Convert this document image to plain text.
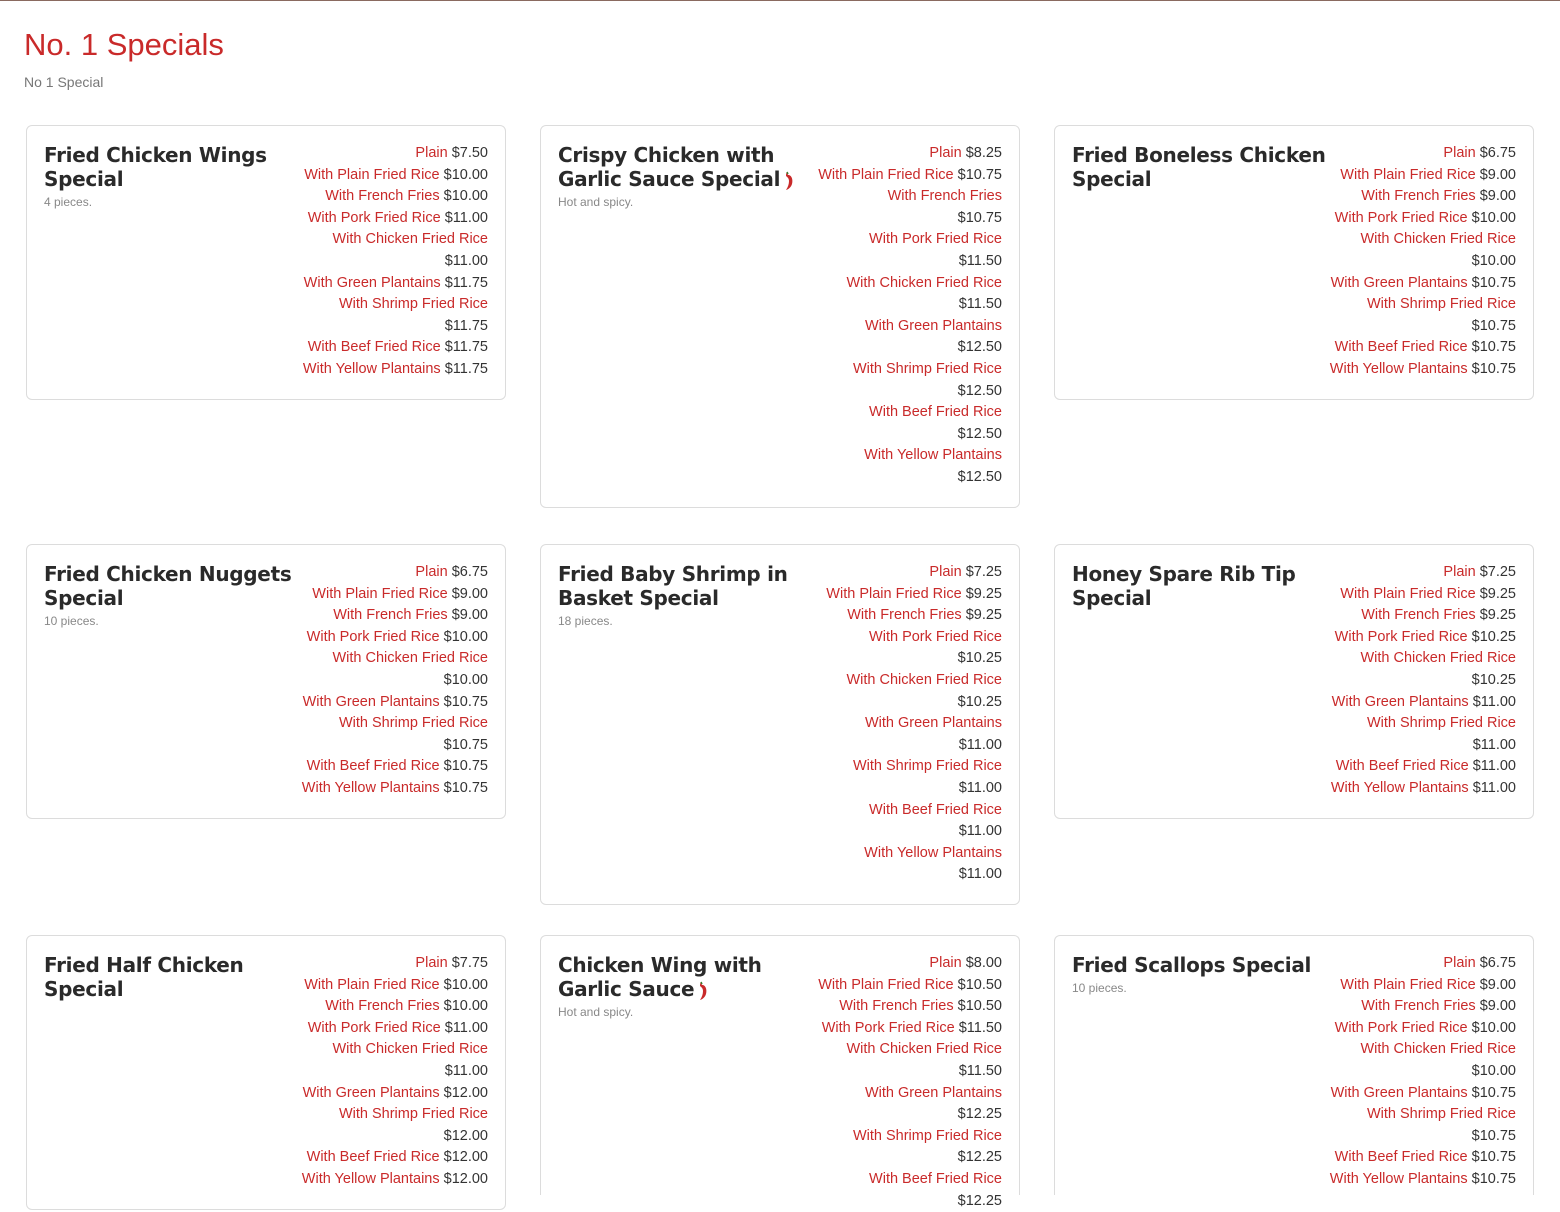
No. 1 Specials

No 1 Special

Fried Chicken Wings Special

4 pieces.

Plain $7.50
With Plain Fried Rice $10.00
With French Fries $10.00
With Pork Fried Rice $11.00
With Chicken Fried Rice $11.00
With Green Plantains $11.75
With Shrimp Fried Rice $11.75
With Beef Fried Rice $11.75
With Yellow Plantains $11.75
Crispy Chicken with Garlic Sauce Special

Hot and spicy.

Plain $8.25
With Plain Fried Rice $10.75
With French Fries
$10.75
With Pork Fried Rice
$11.50
With Chicken Fried Rice
$11.50
With Green Plantains
$12.50
With Shrimp Fried Rice
$12.50
With Beef Fried Rice
$12.50
With Yellow Plantains
$12.50
Fried Boneless Chicken Special
Plain $6.75
With Plain Fried Rice $9.00
With French Fries $9.00
With Pork Fried Rice $10.00
With Chicken Fried Rice
$10.00
With Green Plantains $10.75
With Shrimp Fried Rice
$10.75
With Beef Fried Rice $10.75
With Yellow Plantains $10.75
Fried Chicken Nuggets Special

10 pieces.

Plain $6.75
With Plain Fried Rice $9.00
With French Fries $9.00
With Pork Fried Rice $10.00
With Chicken Fried Rice
$10.00
With Green Plantains $10.75
With Shrimp Fried Rice
$10.75
With Beef Fried Rice $10.75
With Yellow Plantains $10.75
Fried Baby Shrimp in Basket Special

18 pieces.

Plain $7.25
With Plain Fried Rice $9.25
With French Fries $9.25
With Pork Fried Rice
$10.25
With Chicken Fried Rice
$10.25
With Green Plantains
$11.00
With Shrimp Fried Rice
$11.00
With Beef Fried Rice
$11.00
With Yellow Plantains
$11.00
Honey Spare Rib Tip Special
Plain $7.25
With Plain Fried Rice $9.25
With French Fries $9.25
With Pork Fried Rice $10.25
With Chicken Fried Rice
$10.25
With Green Plantains $11.00
With Shrimp Fried Rice $11.00
With Beef Fried Rice $11.00
With Yellow Plantains $11.00
Fried Half Chicken Special
Plain $7.75
With Plain Fried Rice $10.00
With French Fries $10.00
With Pork Fried Rice $11.00
With Chicken Fried Rice $11.00
With Green Plantains $12.00
With Shrimp Fried Rice $12.00
With Beef Fried Rice $12.00
With Yellow Plantains $12.00
Chicken Wing with Garlic Sauce

Hot and spicy.

Plain $8.00
With Plain Fried Rice $10.50
With French Fries $10.50
With Pork Fried Rice $11.50
With Chicken Fried Rice
$11.50
With Green Plantains
$12.25
With Shrimp Fried Rice
$12.25
With Beef Fried Rice
$12.25
Fried Scallops Special

10 pieces.

Plain $6.75
With Plain Fried Rice $9.00
With French Fries $9.00
With Pork Fried Rice $10.00
With Chicken Fried Rice $10.00
With Green Plantains $10.75
With Shrimp Fried Rice $10.75
With Beef Fried Rice $10.75
With Yellow Plantains $10.75
